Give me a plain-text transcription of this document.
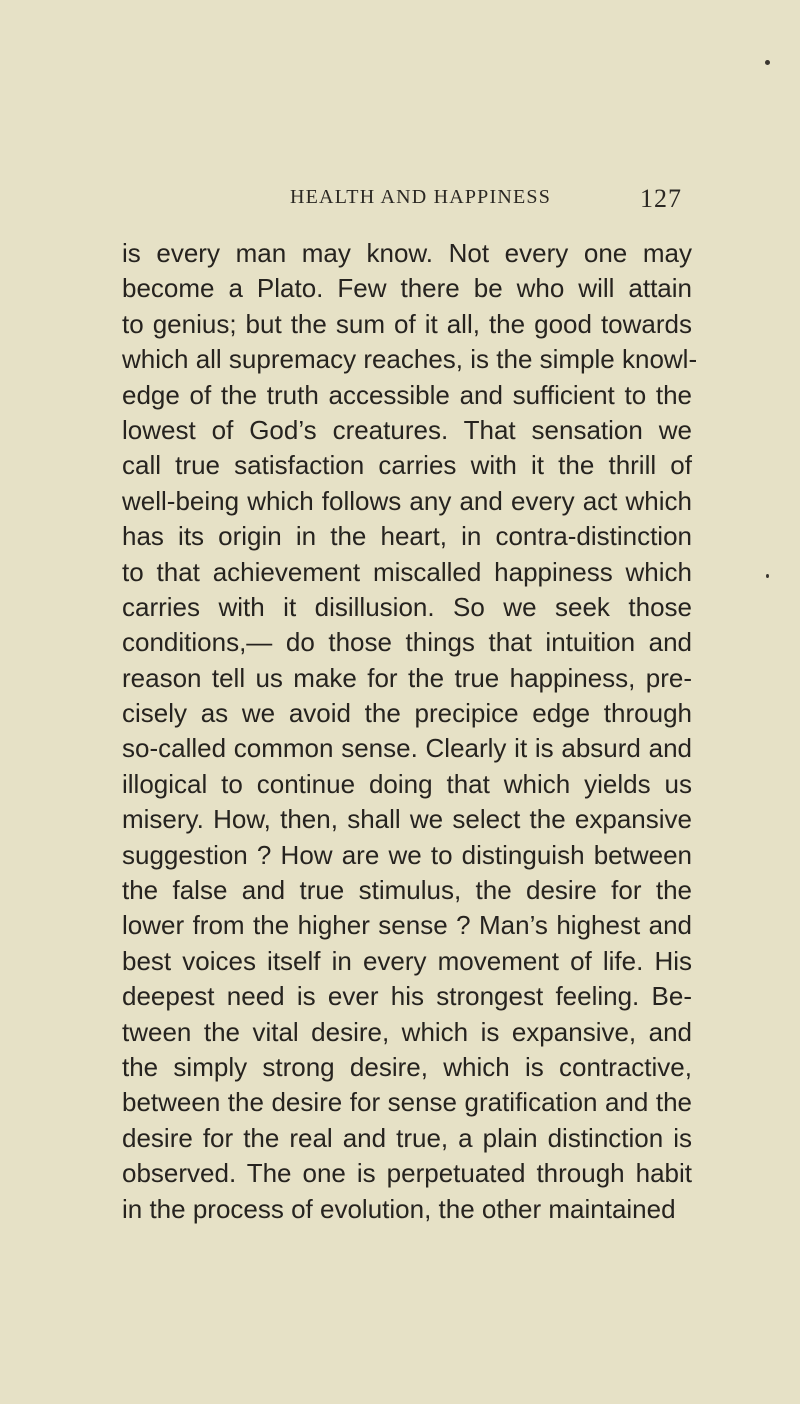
HEALTH AND HAPPINESS	127
is every man may know. Not every one may
become a Plato. Few there be who will attain
to genius; but the sum of it all, the good towards
which all supremacy reaches, is the simple knowl-
edge of the truth accessible and sufficient to the
lowest of God’s creatures. That sensation we
call true satisfaction carries with it the thrill of
well-being which follows any and every act which
has its origin in the heart, in contra-distinction
to that achievement miscalled happiness which
carries with it disillusion. So we seek those
conditions,— do those things that intuition and
reason tell us make for the true happiness, pre-
cisely as we avoid the precipice edge through
so-called common sense. Clearly it is absurd and
illogical to continue doing that which yields us
misery. How, then, shall we select the expansive
suggestion ? How are we to distinguish between
the false and true stimulus, the desire for the
lower from the higher sense ? Man’s highest and
best voices itself in every movement of life. His
deepest need is ever his strongest feeling. Be-
tween the vital desire, which is expansive, and
the simply strong desire, which is contractive,
between the desire for sense gratification and the
desire for the real and true, a plain distinction is
observed. The one is perpetuated through habit
in the process of evolution, the other maintained
